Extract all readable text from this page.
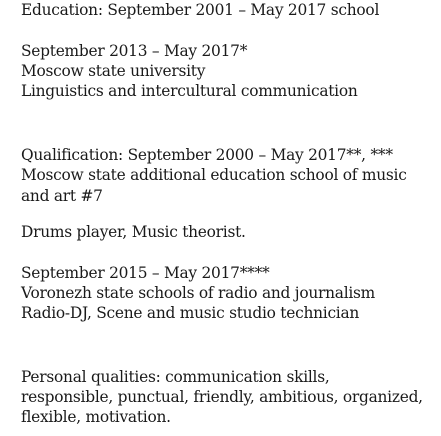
Education: September 2001 – May 2017 school
September 2013 – May 2017*
Moscow state university
Linguistics and intercultural communication
Qualification: September 2000 – May 2017**, ***
Moscow state additional education school of music
and art #7
Drums player, Music theorist.
September 2015 – May 2017****
Voronezh state schools of radio and journalism
Radio-DJ, Scene and music studio technician
Personal qualities: communication skills,
responsible, punctual, friendly, ambitious, organized,
flexible, motivation.
